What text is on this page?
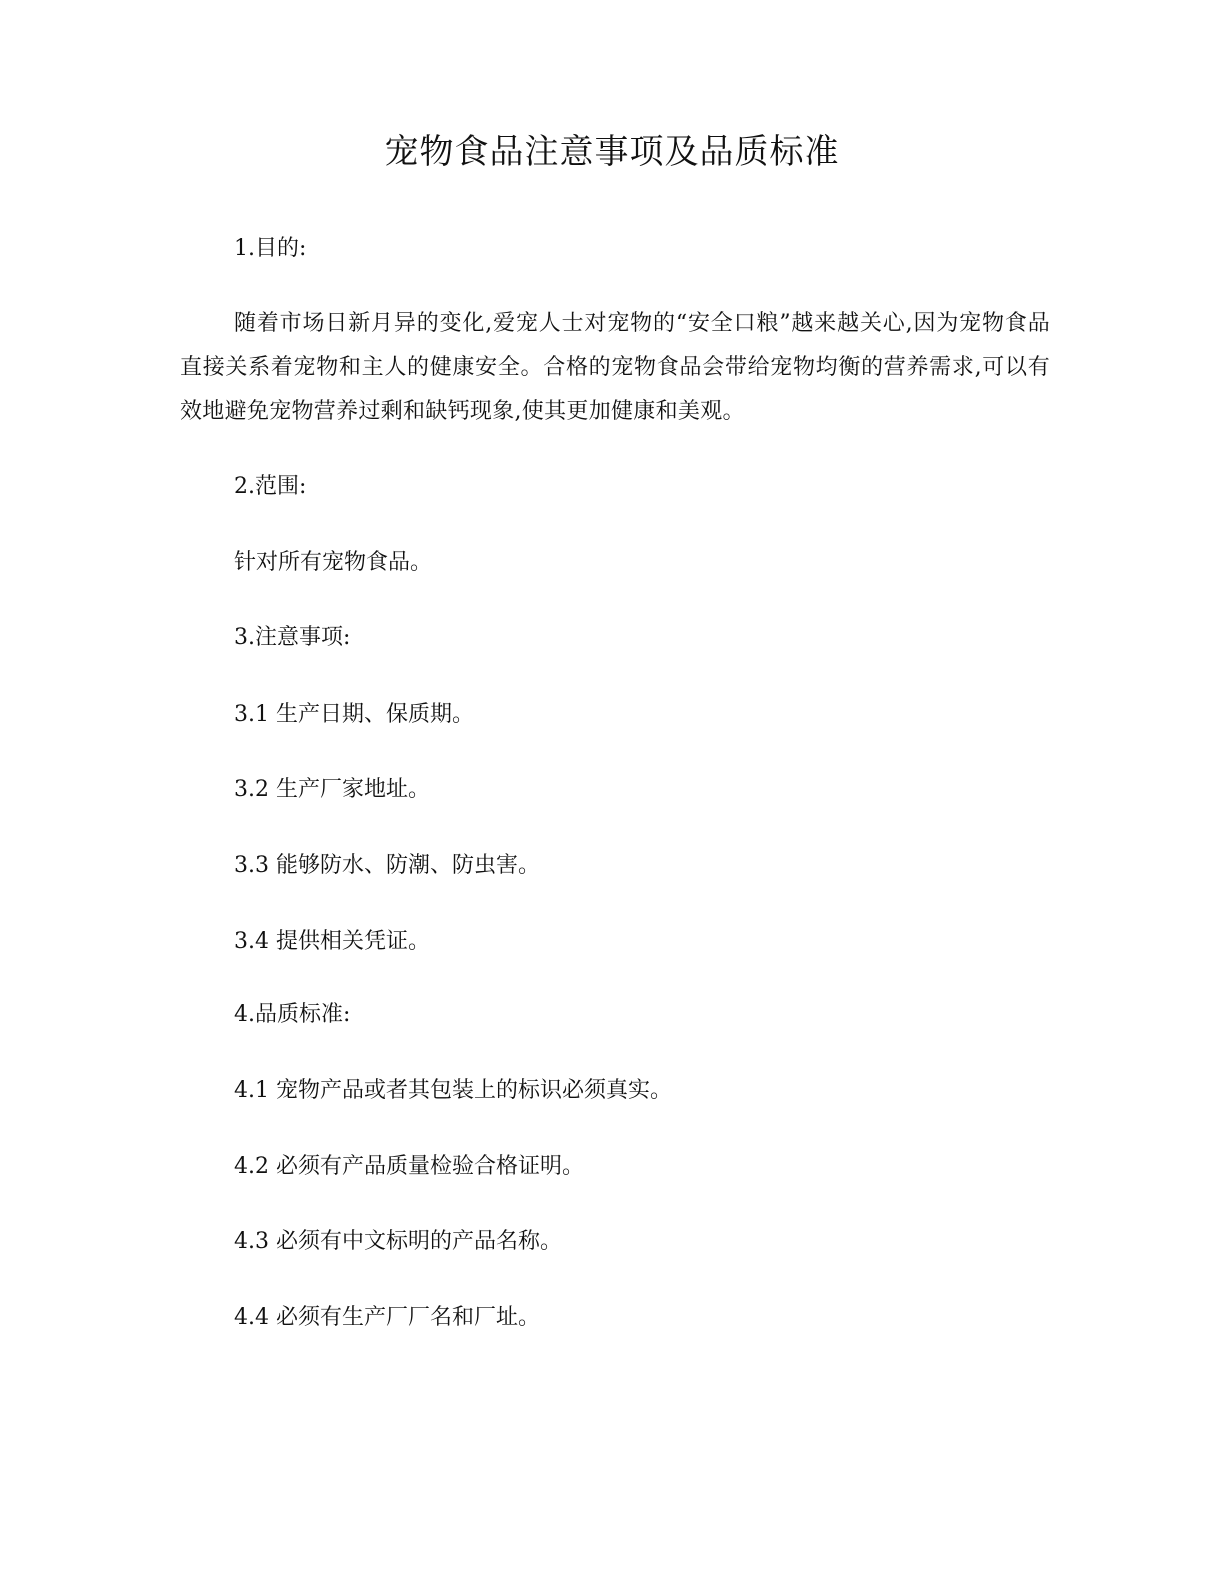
宠物食品注意事项及品质标准

1.目的:

随着市场日新月异的变化,爱宠人士对宠物的“安全口粮”越来越关心,因为宠物食品直接关系着宠物和主人的健康安全。合格的宠物食品会带给宠物均衡的营养需求,可以有效地避免宠物营养过剩和缺钙现象,使其更加健康和美观。

2.范围:

针对所有宠物食品。

3.注意事项:

3.1 生产日期、保质期。

3.2 生产厂家地址。

3.3 能够防水、防潮、防虫害。

3.4 提供相关凭证。

4.品质标准:

4.1 宠物产品或者其包装上的标识必须真实。

4.2 必须有产品质量检验合格证明。

4.3 必须有中文标明的产品名称。

4.4 必须有生产厂厂名和厂址。
